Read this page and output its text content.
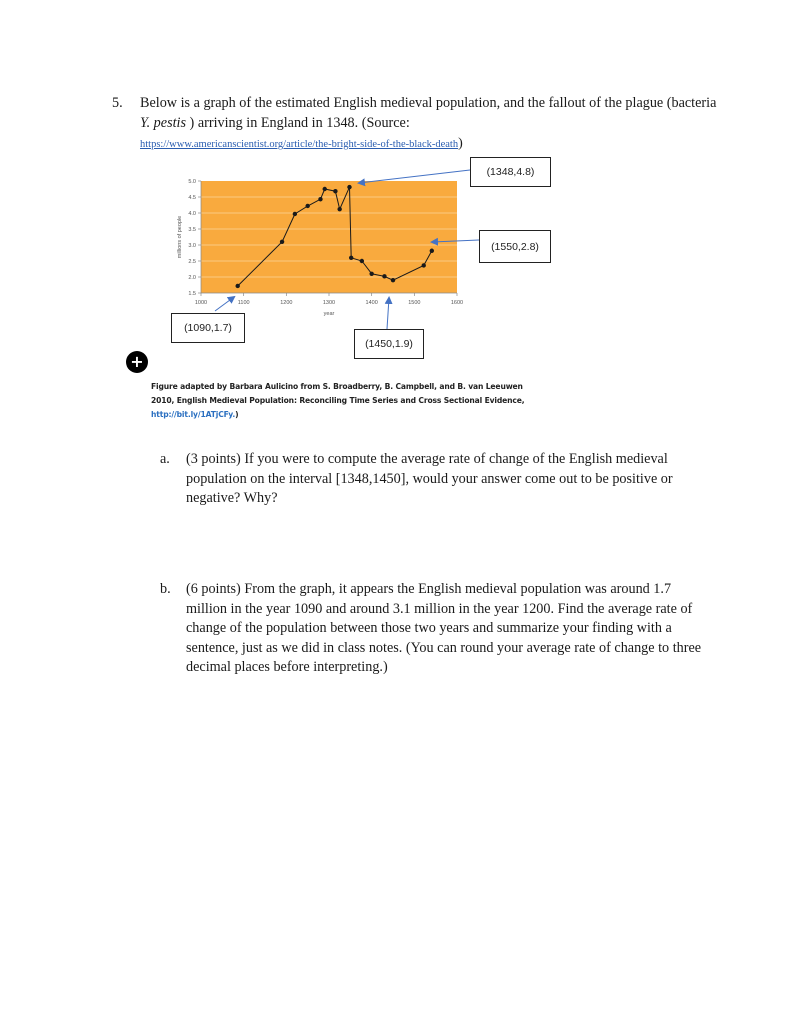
5. Below is a graph of the estimated English medieval population, and the fallout of the plague (bacteria Y. pestis ) arriving in England in 1348. (Source:
https://www.americanscientist.org/article/the-bright-side-of-the-black-death)
1.5
2.0
2.5
3.0
3.5
4.0
4.5
5.0
1000	1100	1200	1300	1400	1500	1600
year
millions of people
(1348,4.8)
(1550,2.8)
(1090,1.7)
(1450,1.9)
+
Figure adapted by Barbara Aulicino from S. Broadberry, B. Campbell, and B. van Leeuwen
2010, English Medieval Population: Reconciling Time Series and Cross Sectional Evidence,
http://bit.ly/1ATjCFy.)
a. (3 points) If you were to compute the average rate of change of the English medieval population on the interval [1348,1450], would your answer come out to be positive or negative? Why?
b. (6 points) From the graph, it appears the English medieval population was around 1.7 million in the year 1090 and around 3.1 million in the year 1200. Find the average rate of change of the population between those two years and summarize your finding with a sentence, just as we did in class notes. (You can round your average rate of change to three decimal places before interpreting.)
